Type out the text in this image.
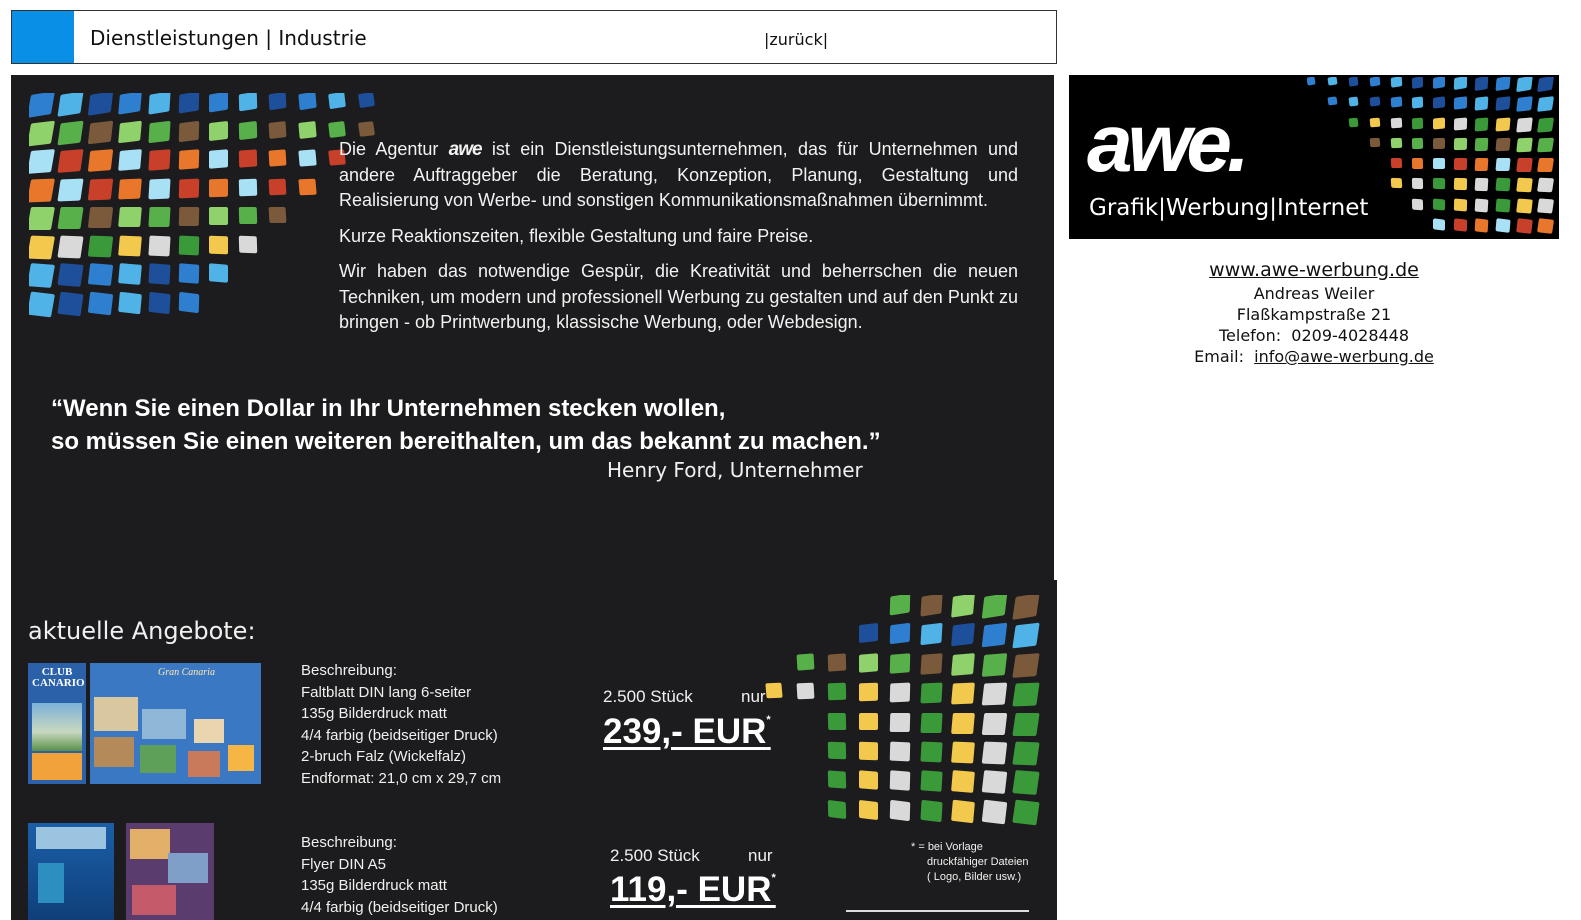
Dienstleistungen | Industrie	|zurück|

Die Agentur awe ist ein Dienstleistungsunternehmen, das für Unternehmen und andere Auftraggeber die Beratung, Konzeption, Planung, Gestaltung und Realisierung von Werbe- und sonstigen Kommunikationsmaßnahmen übernimmt.

Kurze Reaktionszeiten, flexible Gestaltung und faire Preise.

Wir haben das notwendige Gespür, die Kreativität und beherrschen die neuen Techniken, um modern und professionell Werbung zu gestalten und auf den Punkt zu bringen - ob Printwerbung, klassische Werbung, oder Webdesign.

“Wenn Sie einen Dollar in Ihr Unternehmen stecken wollen,
so müssen Sie einen weiteren bereithalten, um das bekannt zu machen.”
Henry Ford, Unternehmer
aktuelle Angebote:
CLUB CANARIO
Gran Canaria	Beschreibung:
Faltblatt DIN lang 6-seiter
135g Bilderdruck matt
4/4 farbig (beidseitiger Druck)
2-bruch Falz (Wickelfalz)
Endformat: 21,0 cm x 29,7 cm
2.500 Stück	nur
239,- EUR*
Beschreibung:
Flyer DIN A5
135g Bilderdruck matt
4/4 farbig (beidseitiger Druck)
2.500 Stück	nur
119,- EUR*
* = bei Vorlage
druckfähiger Dateien
( Logo, Bilder usw.)
awe.
Grafik|Werbung|Internet
www.awe-werbung.de
Andreas Weiler
Flaßkampstraße 21
Telefon: 0209-4028448
Email: info@awe-werbung.de
